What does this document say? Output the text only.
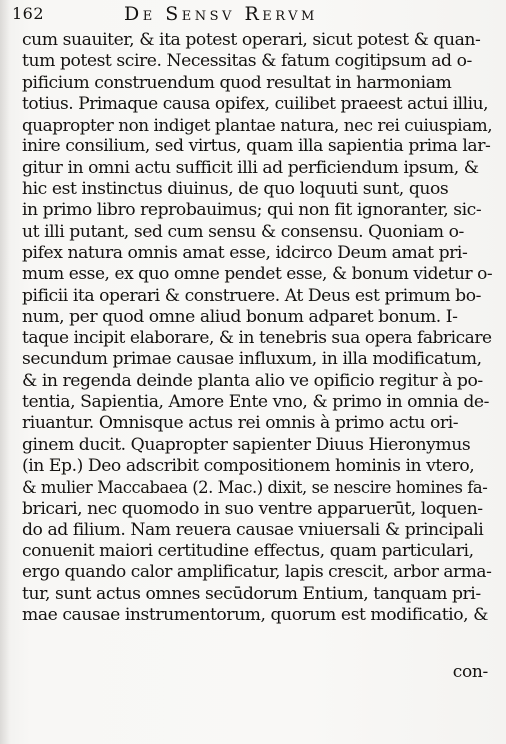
162	De Sensv Rervm
cum suauiter, & ita potest operari, sicut potest & quan-
tum potest scire. Necessitas & fatum cogitipsum ad o-
pificium construendum quod resultat in harmoniam
totius. Primaque causa opifex, cuilibet praeest actui illiu,
quapropter non indiget plantae natura, nec rei cuiuspiam,
inire consilium, sed virtus, quam illa sapientia prima lar-
gitur in omni actu sufficit illi ad perficiendum ipsum, &
hic est instinctus diuinus, de quo loquuti sunt, quos
in primo libro reprobauimus; qui non fit ignoranter, sic-
ut illi putant, sed cum sensu & consensu. Quoniam o-
pifex natura omnis amat esse, idcirco Deum amat pri-
mum esse, ex quo omne pendet esse, & bonum videtur o-
pificii ita operari & construere. At Deus est primum bo-
num, per quod omne aliud bonum adparet bonum. I-
taque incipit elaborare, & in tenebris sua opera fabricare
secundum primae causae influxum, in illa modificatum,
& in regenda deinde planta alio ve opificio regitur à po-
tentia, Sapientia, Amore Ente vno, & primo in omnia de-
riuantur. Omnisque actus rei omnis à primo actu ori-
ginem ducit. Quapropter sapienter Diuus Hieronymus
(in Ep.) Deo adscribit compositionem hominis in vtero,
& mulier Maccabaea (2. Mac.) dixit, se nescire homines fa-
bricari, nec quomodo in suo ventre apparuerūt, loquen-
do ad filium. Nam reuera causae vniuersali & principali
conuenit maiori certitudine effectus, quam particulari,
ergo quando calor amplificatur, lapis crescit, arbor arma-
tur, sunt actus omnes secūdorum Entium, tanquam pri-
mae causae instrumentorum, quorum est modificatio, &
con-
